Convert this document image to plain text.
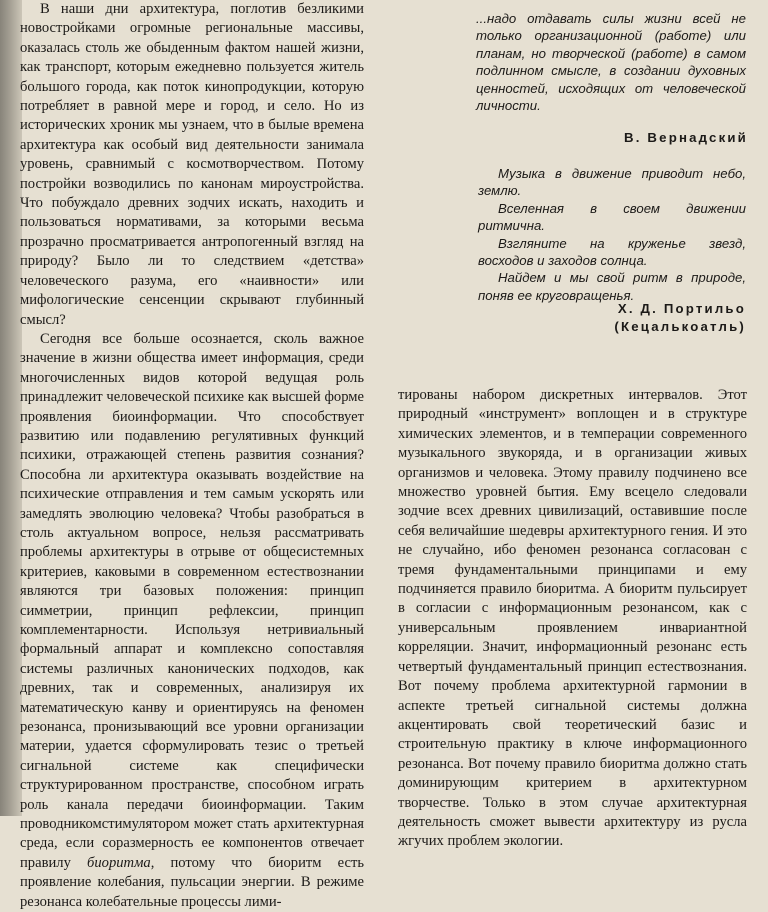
В наши дни архитектура, поглотив безликими новостройками огромные региональные массивы, оказалась столь же обыденным фактом нашей жизни, как транспорт, которым ежедневно пользуется житель большого города, как поток кинопродукции, которую потребляет в равной мере и город, и село. Но из исторических хроник мы узнаем, что в былые времена архитектура как особый вид деятельности занимала уровень, сравнимый с космотворчеством. Потому постройки возводились по канонам мироустройства. Что побуждало древних зодчих искать, находить и пользоваться нормативами, за которыми весьма прозрачно просматривается антропогенный взгляд на природу? Было ли то следствием «детства» человеческого разума, его «наивности» или мифологические сенсенции скрывают глубинный смысл?

Сегодня все больше осознается, сколь важное значение в жизни общества имеет информация, среди многочисленных видов которой ведущая роль принадлежит человеческой психике как высшей форме проявления биоинформации. Что способствует развитию или подавлению регулятивных функций психики, отражающей степень развития сознания? Способна ли архитектура оказывать воздействие на психические отправления и тем самым ускорять или замедлять эволюцию человека? Чтобы разобраться в столь актуальном вопросе, нельзя рассматривать проблемы архитектуры в отрыве от общесистемных критериев, каковыми в современном естествознании являются три базовых положения: принцип симметрии, принцип рефлексии, принцип комплементарности. Используя нетривиальный формальный аппарат и комплексно сопоставляя системы различных канонических подходов, как древних, так и современных, анализируя их математическую канву и ориентируясь на феномен резонанса, пронизывающий все уровни организации материи, удается сформулировать тезис о третьей сигнальной системе как специфически структурированном пространстве, способном играть роль канала передачи биоинформации. Таким проводникомстимулятором может стать архитектурная среда, если соразмерность ее компонентов отвечает правилу биоритма, потому что биоритм есть проявление колебания, пульсации энергии. В режиме резонанса колебательные процессы лими-

...надо отдавать силы жизни всей не только организационной (работе) или планам, но творческой (работе) в самом подлинном смысле, в создании духовных ценностей, исходящих от человеческой личности.

В. Вернадский

Музыка в движение приводит небо, землю.

Вселенная в своем движении ритмична.

Взгляните на круженье звезд, восходов и заходов солнца.

Найдем и мы свой ритм в природе, поняв ее круговращенья.

Х. Д. Портильо
(Кецалькоатль)

тированы набором дискретных интервалов. Этот природный «инструмент» воплощен и в структуре химических элементов, и в темперации современного музыкального звукоряда, и в организации живых организмов и человека. Этому правилу подчинено все множество уровней бытия. Ему всецело следовали зодчие всех древних цивилизаций, оставившие после себя величайшие шедевры архитектурного гения. И это не случайно, ибо феномен резонанса согласован с тремя фундаментальными принципами и ему подчиняется правило биоритма. А биоритм пульсирует в согласии с информационным резонансом, как с универсальным проявлением инвариантной корреляции. Значит, информационный резонанс есть четвертый фундаментальный принцип естествознания. Вот почему проблема архитектурной гармонии в аспекте третьей сигнальной системы должна акцентировать свой теоретический базис и строительную практику в ключе информационного резонанса. Вот почему правило биоритма должно стать доминирующим критерием в архитектурном творчестве. Только в этом случае архитектурная деятельность сможет вывести архитектуру из русла жгучих проблем экологии.
